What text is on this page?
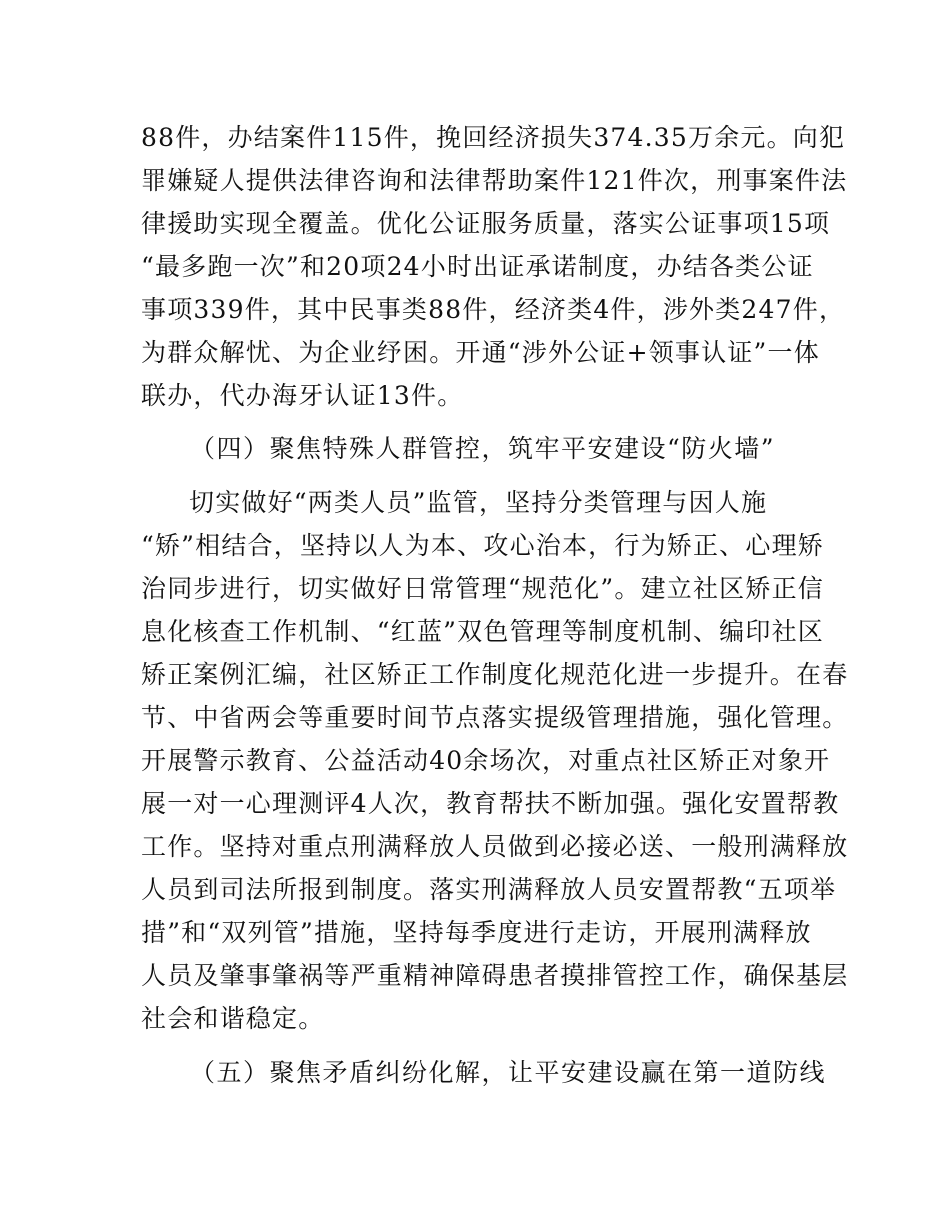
88件，办结案件115件，挽回经济损失374.35万余元。向犯
罪嫌疑人提供法律咨询和法律帮助案件121件次，刑事案件法
律援助实现全覆盖。优化公证服务质量，落实公证事项15项
“最多跑一次”和20项24小时出证承诺制度，办结各类公证
事项339件，其中民事类88件，经济类4件，涉外类247件，
为群众解忧、为企业纾困。开通“涉外公证+领事认证”一体
联办，代办海牙认证13件。
（四）聚焦特殊人群管控，筑牢平安建设“防火墙”
切实做好“两类人员”监管，坚持分类管理与因人施
“矫”相结合，坚持以人为本、攻心治本，行为矫正、心理矫
治同步进行，切实做好日常管理“规范化”。建立社区矫正信
息化核查工作机制、“红蓝”双色管理等制度机制、编印社区
矫正案例汇编，社区矫正工作制度化规范化进一步提升。在春
节、中省两会等重要时间节点落实提级管理措施，强化管理。
开展警示教育、公益活动40余场次，对重点社区矫正对象开
展一对一心理测评4人次，教育帮扶不断加强。强化安置帮教
工作。坚持对重点刑满释放人员做到必接必送、一般刑满释放
人员到司法所报到制度。落实刑满释放人员安置帮教“五项举
措”和“双列管”措施，坚持每季度进行走访，开展刑满释放
人员及肇事肇祸等严重精神障碍患者摸排管控工作，确保基层
社会和谐稳定。
（五）聚焦矛盾纠纷化解，让平安建设赢在第一道防线
